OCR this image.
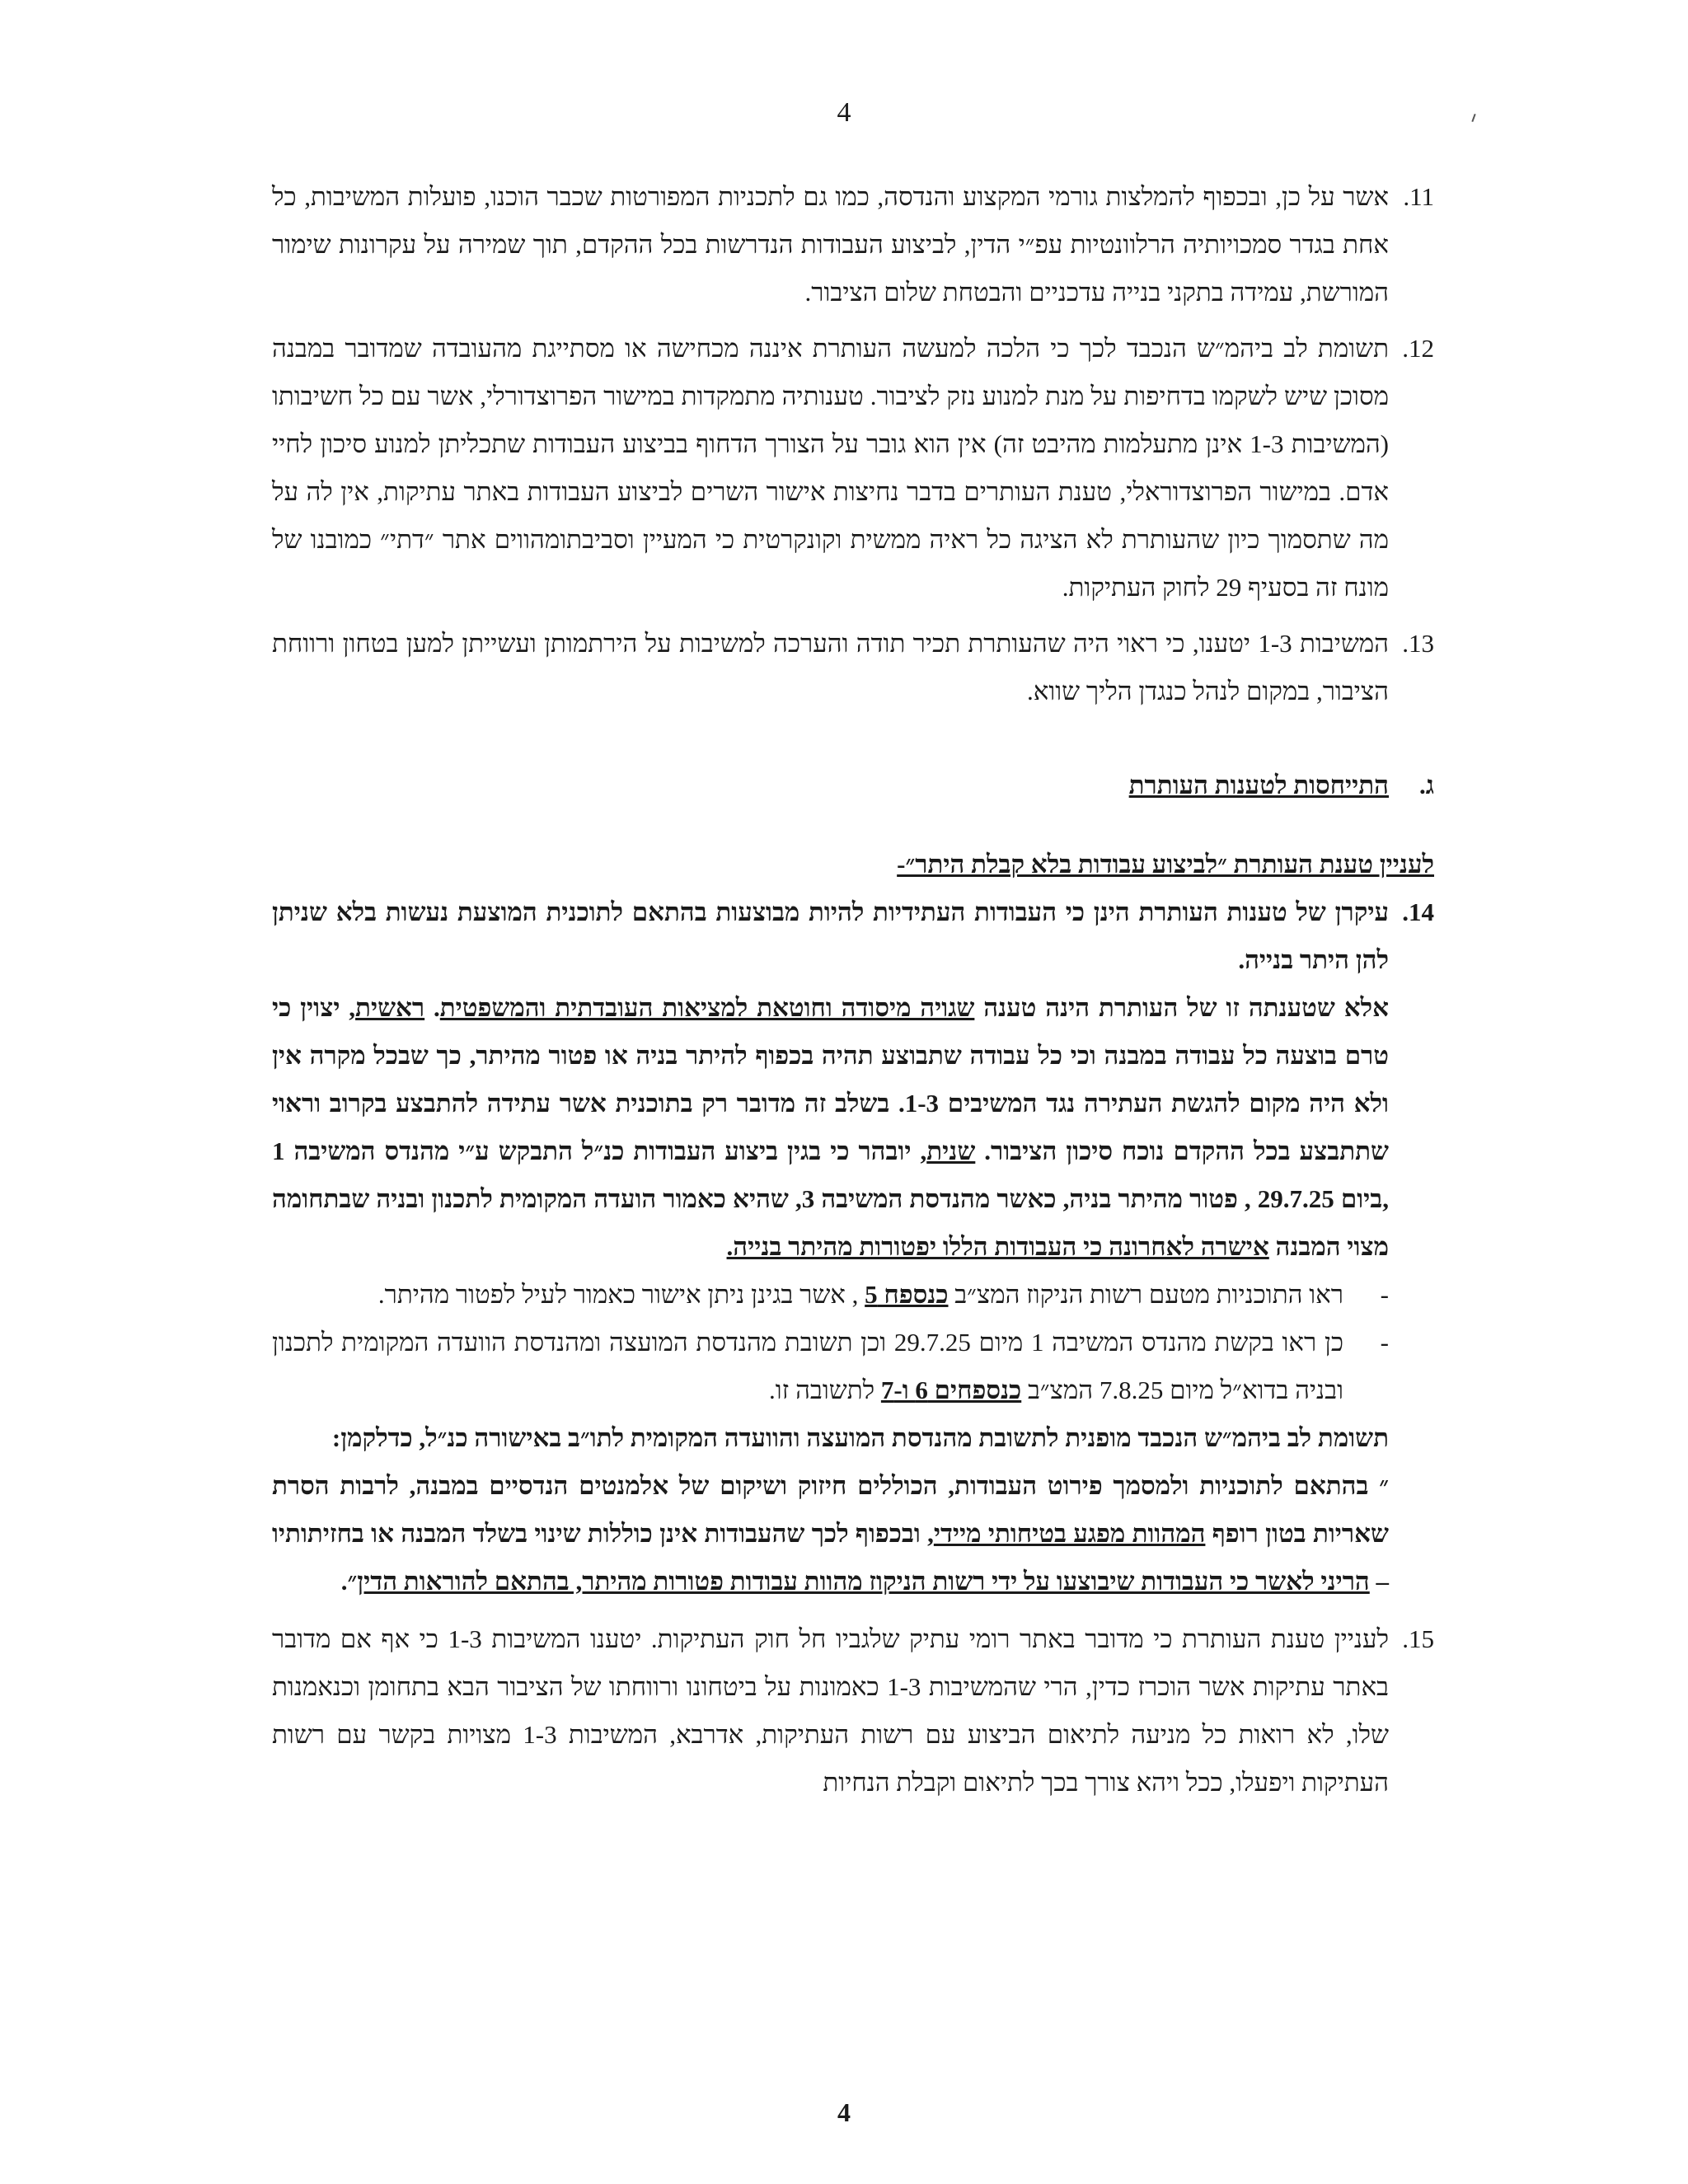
4
.11
אשר על כן, ובכפוף להמלצות גורמי המקצוע והנדסה, כמו גם לתכניות המפורטות שכבר הוכנו, פועלות המשיבות, כל אחת בגדר סמכויותיה הרלוונטיות עפ״י הדין, לביצוע העבודות הנדרשות בכל ההקדם, תוך שמירה על עקרונות שימור המורשת, עמידה בתקני בנייה עדכניים והבטחת שלום הציבור.
.12
תשומת לב ביהמ״ש הנכבד לכך כי הלכה למעשה העותרת איננה מכחישה או מסתייגת מהעובדה שמדובר במבנה מסוכן שיש לשקמו בדחיפות על מנת למנוע נזק לציבור. טענותיה מתמקדות במישור הפרוצדורלי, אשר עם כל חשיבותו (המשיבות 1-3 אינן מתעלמות מהיבט זה) אין הוא גובר על הצורך הדחוף בביצוע העבודות שתכליתן למנוע סיכון לחיי אדם. במישור הפרוצדוראלי, טענת העותרים בדבר נחיצות אישור השרים לביצוע העבודות באתר עתיקות, אין לה על מה שתסמוך כיון שהעותרת לא הציגה כל ראיה ממשית וקונקרטית כי המעיין וסביבתומהווים אתר ״דתי״ כמובנו של מונח זה בסעיף 29 לחוק העתיקות.
.13
המשיבות 1-3 יטענו, כי ראוי היה שהעותרת תכיר תודה והערכה למשיבות על הירתמותן ועשייתן למען בטחון ורווחת הציבור, במקום לנהל כנגדן הליך שווא.
ג.
התייחסות לטענות העותרת
לעניין טענת העותרת ״לביצוע עבודות בלא קבלת היתר״-
.14
עיקרן של טענות העותרת הינן כי העבודות העתידיות להיות מבוצעות בהתאם לתוכנית המוצעת נעשות בלא שניתן להן היתר בנייה.
אלא שטענתה זו של העותרת הינה טענה שגויה מיסודה וחוטאת למציאות העובדתית והמשפטית. ראשית, יצוין כי טרם בוצעה כל עבודה במבנה וכי כל עבודה שתבוצע תהיה בכפוף להיתר בניה או פטור מהיתר, כך שבכל מקרה אין ולא היה מקום להגשת העתירה נגד המשיבים 1-3. בשלב זה מדובר רק בתוכנית אשר עתידה להתבצע בקרוב וראוי שתתבצע בכל ההקדם נוכח סיכון הציבור. שנית, יובהר כי בגין ביצוע העבודות כנ״ל התבקש ע״י מהנדס המשיבה 1 ,ביום 29.7.25 , פטור מהיתר בניה, כאשר מהנדסת המשיבה 3, שהיא כאמור הועדה המקומית לתכנון ובניה שבתחומה מצוי המבנה אישרה לאחרונה כי העבודות הללו יפטורות מהיתר בנייה.
-
ראו התוכניות מטעם רשות הניקוז המצ״ב כנספח 5 , אשר בגינן ניתן אישור כאמור לעיל לפטור מהיתר.
-
כן ראו בקשת מהנדס המשיבה 1 מיום 29.7.25 וכן תשובת מהנדסת המועצה ומהנדסת הוועדה המקומית לתכנון ובניה בדוא״ל מיום 7.8.25 המצ״ב כנספחים 6 ו-7 לתשובה זו.
תשומת לב ביהמ״ש הנכבד מופנית לתשובת מהנדסת המועצה והוועדה המקומית לתו״ב באישורה כנ״ל, כדלקמן:
״ בהתאם לתוכניות ולמסמך פירוט העבודות, הכוללים חיזוק ושיקום של אלמנטים הנדסיים במבנה, לרבות הסרת שאריות בטון רופף המהוות מפגע בטיחותי מיידי, ובכפוף לכך שהעבודות אינן כוללות שינוי בשלד המבנה או בחזיתותיו – הריני לאשר כי העבודות שיבוצעו על ידי רשות הניקוז מהוות עבודות פטורות מהיתר, בהתאם להוראות הדין״.
.15
לעניין טענת העותרת כי מדובר באתר רומי עתיק שלגביו חל חוק העתיקות. יטענו המשיבות 1-3 כי אף אם מדובר באתר עתיקות אשר הוכרז כדין, הרי שהמשיבות 1-3 כאמונות על ביטחונו ורווחתו של הציבור הבא בתחומן וכנאמנות שלו, לא רואות כל מניעה לתיאום הביצוע עם רשות העתיקות, אדרבא, המשיבות 1-3 מצויות בקשר עם רשות העתיקות ויפעלו, ככל ויהא צורך בכך לתיאום וקבלת הנחיות
4
